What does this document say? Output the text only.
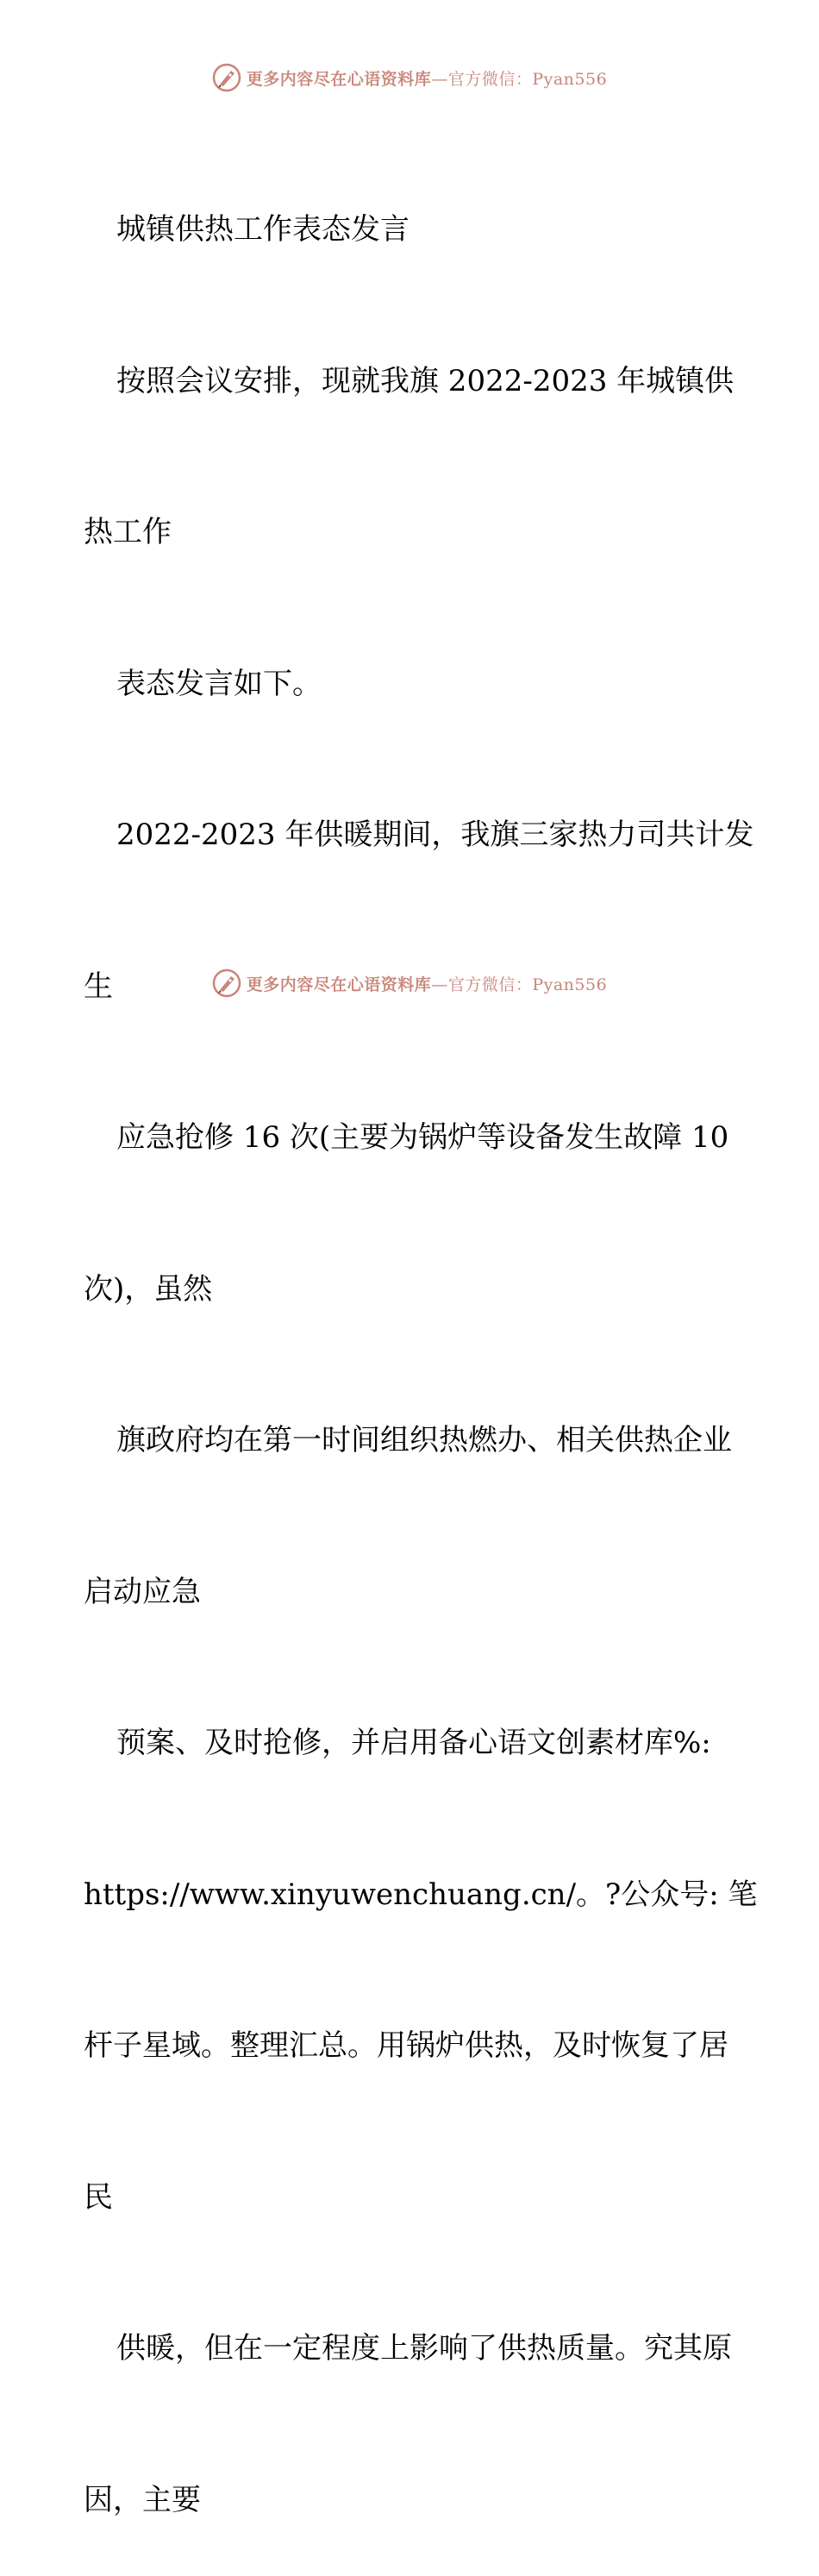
更多内容尽在心语资料库—官方微信：Pyan556

城镇供热工作表态发言

按照会议安排，现就我旗 2022-2023 年城镇供

热工作

表态发言如下。

2022-2023 年供暖期间，我旗三家热力司共计发

生

应急抢修 16 次(主要为锅炉等设备发生故障 10

次)，虽然

旗政府均在第一时间组织热燃办、相关供热企业

启动应急

预案、及时抢修，并启用备心语文创素材库%:

https://www.xinyuwenchuang.cn/。?公众号: 笔

杆子星域。整理汇总。用锅炉供热，及时恢复了居

民

供暖，但在一定程度上影响了供热质量。究其原

因，主要

更多内容尽在心语资料库—官方微信：Pyan556
